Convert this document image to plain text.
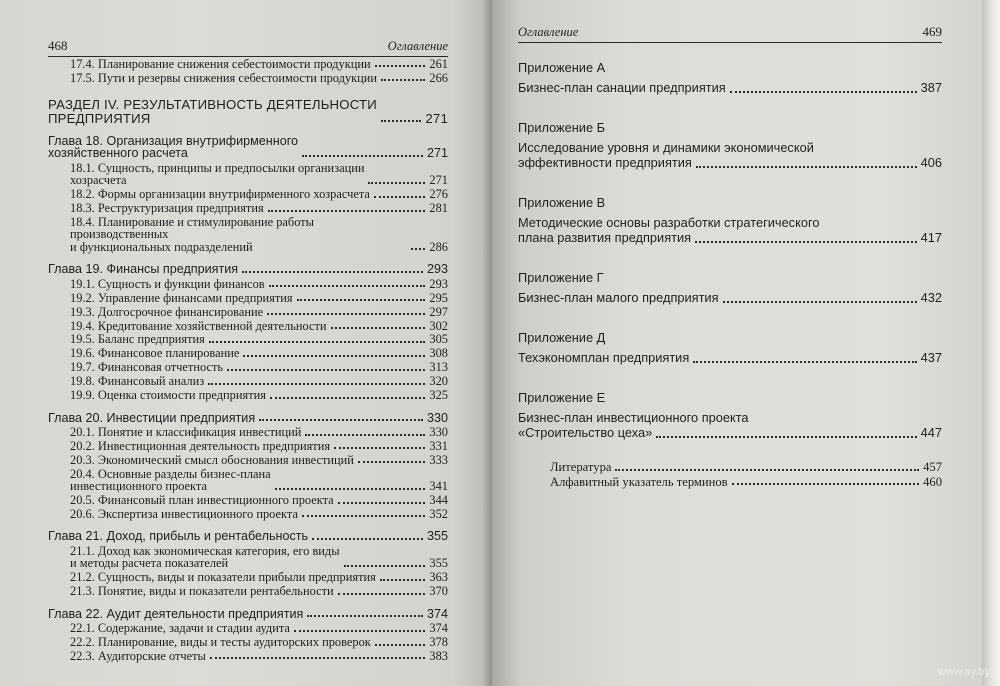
468	Оглавление
17.4. Планирование снижения себестоимости продукции	261
17.5. Пути и резервы снижения себестоимости продукции	266
РАЗДЕЛ IV. РЕЗУЛЬТАТИВНОСТЬ ДЕЯТЕЛЬНОСТИ
ПРЕДПРИЯТИЯ	271
Глава 18. Организация внутрифирменного
хозяйственного расчета	271
18.1. Сущность, принципы и предпосылки организации
хозрасчета	271
18.2. Формы организации внутрифирменного хозрасчета	276
18.3. Реструктуризация предприятия	281
18.4. Планирование и стимулирование работы производственных
и функциональных подразделений	286
Глава 19. Финансы предприятия	293
19.1. Сущность и функции финансов	293
19.2. Управление финансами предприятия	295
19.3. Долгосрочное финансирование	297
19.4. Кредитование хозяйственной деятельности	302
19.5. Баланс предприятия	305
19.6. Финансовое планирование	308
19.7. Финансовая отчетность	313
19.8. Финансовый анализ	320
19.9. Оценка стоимости предприятия	325
Глава 20. Инвестиции предприятия	330
20.1. Понятие и классификация инвестиций	330
20.2. Инвестиционная деятельность предприятия	331
20.3. Экономический смысл обоснования инвестиций	333
20.4. Основные разделы бизнес-плана
инвестиционного проекта	341
20.5. Финансовый план инвестиционного проекта	344
20.6. Экспертиза инвестиционного проекта	352
Глава 21. Доход, прибыль и рентабельность	355
21.1. Доход как экономическая категория, его виды
и методы расчета показателей	355
21.2. Сущность, виды и показатели прибыли предприятия	363
21.3. Понятие, виды и показатели рентабельности	370
Глава 22. Аудит деятельности предприятия	374
22.1. Содержание, задачи и стадии аудита	374
22.2. Планирование, виды и тесты аудиторских проверок	378
22.3. Аудиторские отчеты	383
Оглавление	469
Приложение А
Бизнес-план санации предприятия	387
Приложение Б
Исследование уровня и динамики экономической
эффективности предприятия	406
Приложение В
Методические основы разработки стратегического
плана развития предприятия	417
Приложение Г
Бизнес-план малого предприятия	432
Приложение Д
Техэкономплан предприятия	437
Приложение Е
Бизнес-план инвестиционного проекта
«Строительство цеха»	447
Литература	457
Алфавитный указатель терминов	460
www.ay.by
